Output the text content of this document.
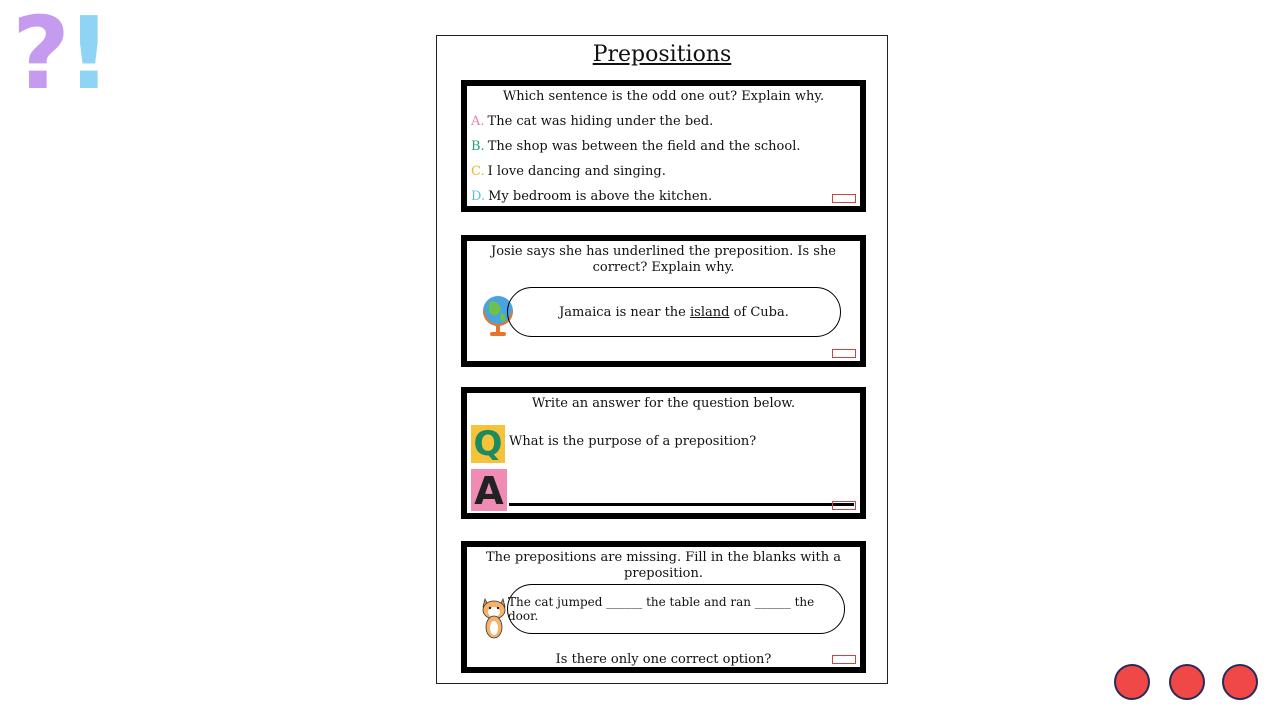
?!	Prepositions
Which sentence is the odd one out? Explain why.
A. The cat was hiding under the bed.
B. The shop was between the field and the school.
C. I love dancing and singing.
D. My bedroom is above the kitchen.
Josie says she has underlined the preposition. Is she correct? Explain why.
Jamaica is near the island of Cuba.
Write an answer for the question below.
Q What is the purpose of a preposition?
A
The prepositions are missing. Fill in the blanks with a preposition.
The cat jumped ______ the table and ran ______ the door.
Is there only one correct option?
